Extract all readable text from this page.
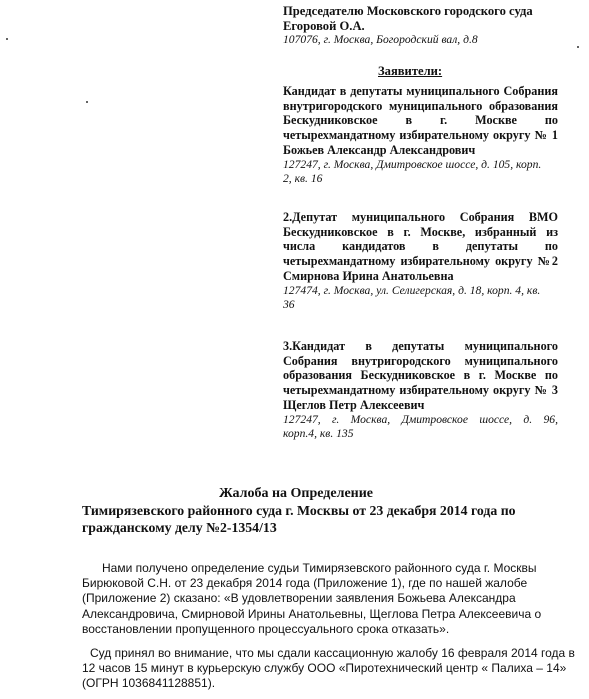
Председателю Московского городского суда
Егоровой О.А.
107076, г. Москва, Богородский вал, д.8
Заявители:
Кандидат в депутаты муниципального Собрания
внутригородского муниципального образования
Бескудниковское в г. Москве по
четырехмандатному избирательному округу № 1
Божьев Александр Александрович
127247, г. Москва, Дмитровское шоссе, д. 105, корп.
2, кв. 16
2.Депутат муниципального Собрания ВМО
Бескудниковское в г. Москве, избранный из
числа кандидатов в депутаты по
четырехмандатному избирательному округу №2
Смирнова Ирина Анатольевна
127474, г. Москва, ул. Селигерская, д. 18, корп. 4, кв.
36
3.Кандидат в депутаты муниципального
Собрания внутригородского муниципального
образования Бескудниковское в г. Москве по
четырехмандатному избирательному округу № 3
Щеглов Петр Алексеевич
127247, г. Москва, Дмитровское шоссе, д. 96,
корп.4, кв. 135
Жалоба на Определение
Тимирязевского районного суда г. Москвы от 23 декабря 2014 года по
гражданскому делу №2-1354/13
Нами получено определение судьи Тимирязевского районного суда г. Москвы
Бирюковой С.Н. от 23 декабря 2014 года (Приложение 1), где по нашей жалобе
(Приложение 2) сказано: «В удовлетворении заявления Божьева Александра
Александровича, Смирновой Ирины Анатольевны, Щеглова Петра Алексеевича о
восстановлении пропущенного процессуального срока отказать».
Суд принял во внимание, что мы сдали кассационную жалобу 16 февраля 2014 года в
12 часов 15 минут в курьерскую службу ООО «Пиротехнический центр « Палиха – 14»
(ОГРН 1036841128851).
